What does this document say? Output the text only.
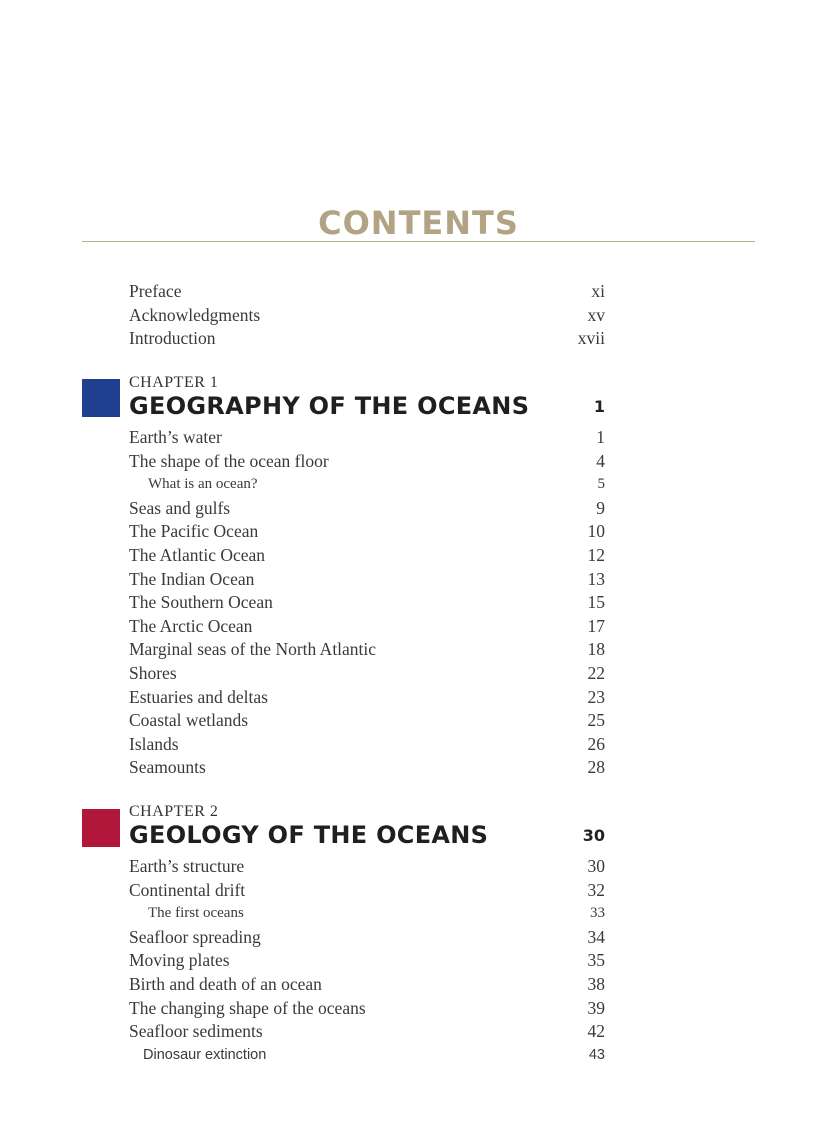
CONTENTS
Preface	xi
Acknowledgments	xv
Introduction	xvii
CHAPTER 1
GEOGRAPHY OF THE OCEANS	1
Earth’s water	1
The shape of the ocean floor	4
What is an ocean?	5
Seas and gulfs	9
The Pacific Ocean	10
The Atlantic Ocean	12
The Indian Ocean	13
The Southern Ocean	15
The Arctic Ocean	17
Marginal seas of the North Atlantic	18
Shores	22
Estuaries and deltas	23
Coastal wetlands	25
Islands	26
Seamounts	28
CHAPTER 2
GEOLOGY OF THE OCEANS	30
Earth’s structure	30
Continental drift	32
The first oceans	33
Seafloor spreading	34
Moving plates	35
Birth and death of an ocean	38
The changing shape of the oceans	39
Seafloor sediments	42
Dinosaur extinction	43
